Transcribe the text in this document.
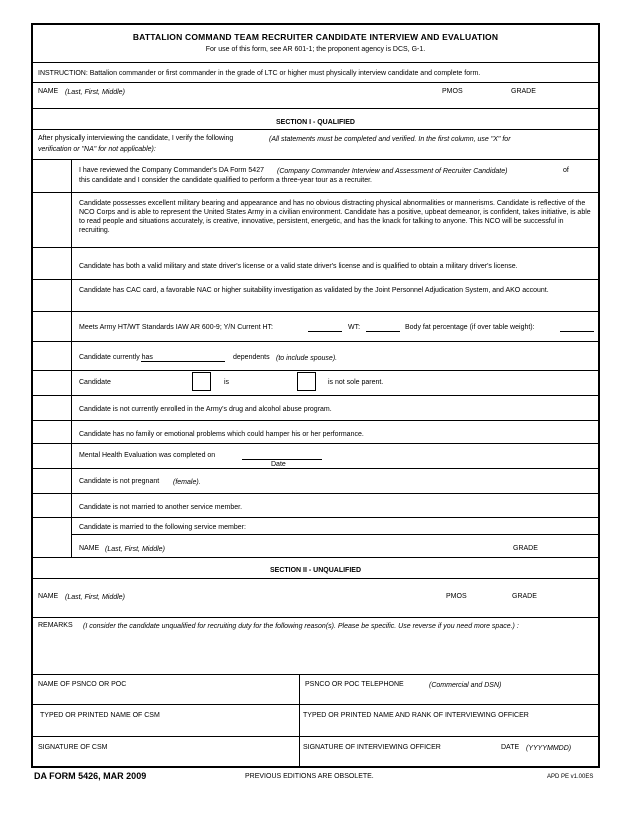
BATTALION COMMAND TEAM RECRUITER CANDIDATE INTERVIEW AND EVALUATION
For use of this form, see AR 601-1; the proponent agency is DCS, G-1.
INSTRUCTION: Battalion commander or first commander in the grade of LTC or higher must physically interview candidate and complete form.
NAME (Last, First, Middle)	PMOS	GRADE
SECTION I - QUALIFIED
After physically interviewing the candidate, I verify the following	(All statements must be completed and verified. In the first column, use "X" for
verification or "NA" for not applicable):
I have reviewed the Company Commander's DA Form 5427 (Company Commander Interview and Assessment of Recruiter Candidate)	of
this candidate and I consider the candidate qualified to perform a three-year tour as a recruiter.
Candidate possesses excellent military bearing and appearance and has no obvious distracting physical abnormalities or mannerisms. Candidate is reflective of the NCO Corps and is able to represent the United States Army in a civilian environment. Candidate has a positive, upbeat demeanor, is confident, takes initiative, is able to read people and situations accurately, is creative, innovative, persistent, energetic, and has the knack for talking to anyone. This NCO will be successful in recruiting.
Candidate has both a valid military and state driver's license or a valid state driver's license and is qualified to obtain a military driver's license.
Candidate has CAC card, a favorable NAC or higher suitability investigation as validated by the Joint Personnel Adjudication System, and AKO account.
Meets Army HT/WT Standards IAW AR 600-9; Y/N Current HT:	WT:	Body fat percentage (if over table weight):
Candidate currently has	dependents (to include spouse).
Candidate	is	is not sole parent.
Candidate is not currently enrolled in the Army's drug and alcohol abuse program.
Candidate has no family or emotional problems which could hamper his or her performance.
Mental Health Evaluation was completed on
Date
Candidate is not pregnant (female).
Candidate is not married to another service member.
Candidate is married to the following service member:
NAME (Last, First, Middle)	GRADE
SECTION II - UNQUALIFIED
NAME (Last, First, Middle)	PMOS	GRADE
REMARKS (I consider the candidate unqualified for recruiting duty for the following reason(s). Please be specific. Use reverse if you need more space.) :
NAME OF PSNCO OR POC	PSNCO OR POC TELEPHONE	(Commercial and DSN)
TYPED OR PRINTED NAME OF CSM	TYPED OR PRINTED NAME AND RANK OF INTERVIEWING OFFICER
SIGNATURE OF CSM	SIGNATURE OF INTERVIEWING OFFICER	DATE (YYYYMMDD)
DA FORM 5426, MAR 2009	PREVIOUS EDITIONS ARE OBSOLETE.	APD PE v1.00ES
